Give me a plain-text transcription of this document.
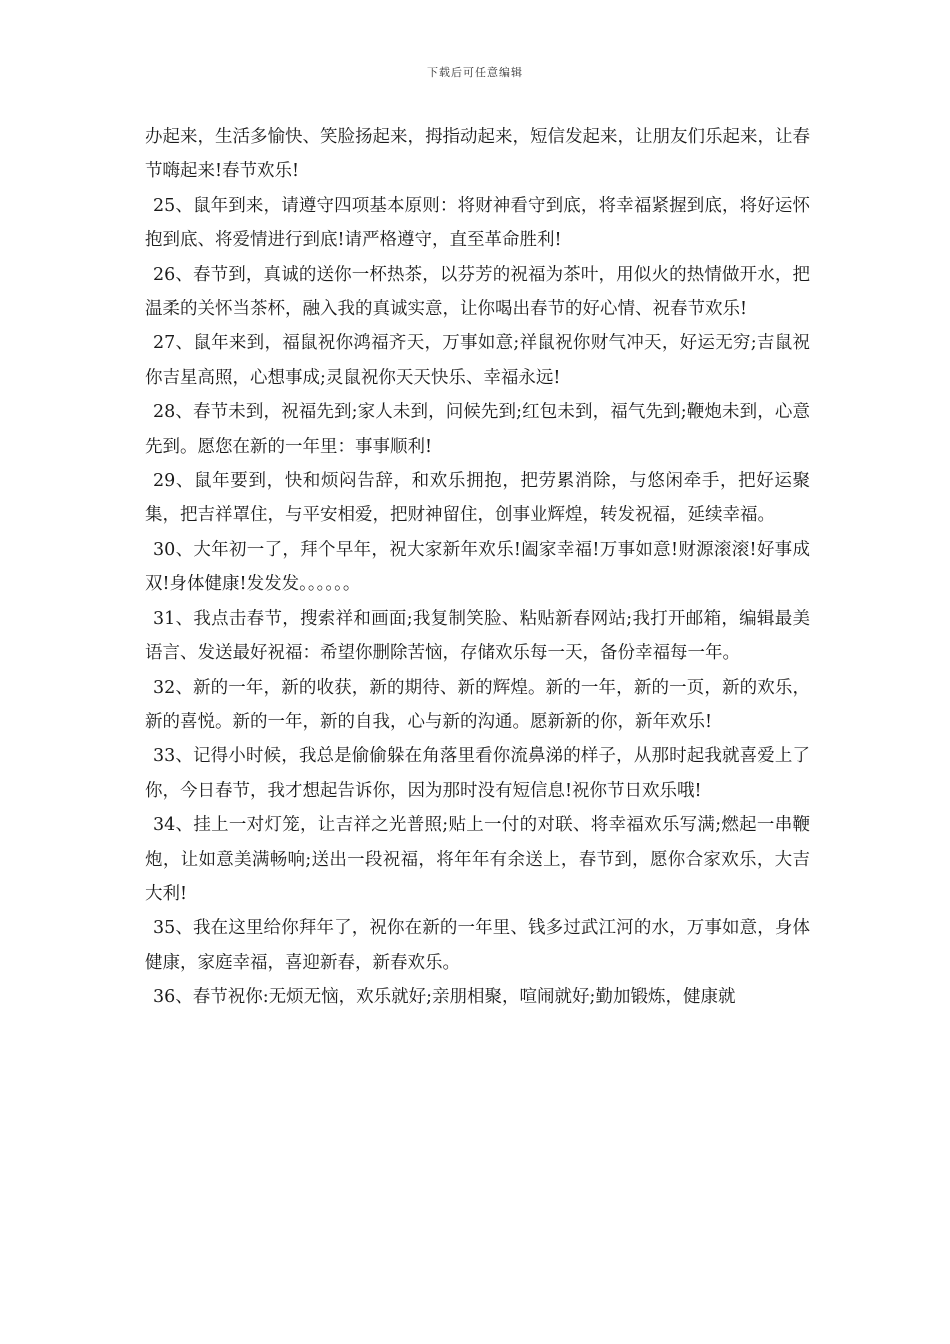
下载后可任意编辑

办起来，生活多愉快、笑脸扬起来，拇指动起来，短信发起来，让朋友们乐起来，让春节嗨起来!春节欢乐!

25、鼠年到来，请遵守四项基本原则：将财神看守到底，将幸福紧握到底，将好运怀抱到底、将爱情进行到底!请严格遵守，直至革命胜利!

26、春节到，真诚的送你一杯热茶，以芬芳的祝福为茶叶，用似火的热情做开水，把温柔的关怀当茶杯，融入我的真诚实意，让你喝出春节的好心情、祝春节欢乐!

27、鼠年来到，福鼠祝你鸿福齐天，万事如意;祥鼠祝你财气冲天，好运无穷;吉鼠祝你吉星高照，心想事成;灵鼠祝你天天快乐、幸福永远!

28、春节未到，祝福先到;家人未到，问候先到;红包未到，福气先到;鞭炮未到，心意先到。愿您在新的一年里：事事顺利!

29、鼠年要到，快和烦闷告辞，和欢乐拥抱，把劳累消除，与悠闲牵手，把好运聚集，把吉祥罩住，与平安相爱，把财神留住，创事业辉煌，转发祝福，延续幸福。

30、大年初一了，拜个早年，祝大家新年欢乐!阖家幸福!万事如意!财源滚滚!好事成双!身体健康!发发发。。。。。。

31、我点击春节，搜索祥和画面;我复制笑脸、粘贴新春网站;我打开邮箱，编辑最美语言、发送最好祝福：希望你删除苦恼，存储欢乐每一天，备份幸福每一年。

32、新的一年，新的收获，新的期待、新的辉煌。新的一年，新的一页，新的欢乐，新的喜悦。新的一年，新的自我，心与新的沟通。愿新新的你，新年欢乐!

33、记得小时候，我总是偷偷躲在角落里看你流鼻涕的样子，从那时起我就喜爱上了你，今日春节，我才想起告诉你，因为那时没有短信息!祝你节日欢乐哦!

34、挂上一对灯笼，让吉祥之光普照;贴上一付的对联、将幸福欢乐写满;燃起一串鞭炮，让如意美满畅响;送出一段祝福，将年年有余送上，春节到，愿你合家欢乐，大吉大利!

35、我在这里给你拜年了，祝你在新的一年里、钱多过武江河的水，万事如意，身体健康，家庭幸福，喜迎新春，新春欢乐。

36、春节祝你:无烦无恼，欢乐就好;亲朋相聚，喧闹就好;勤加锻炼，健康就
